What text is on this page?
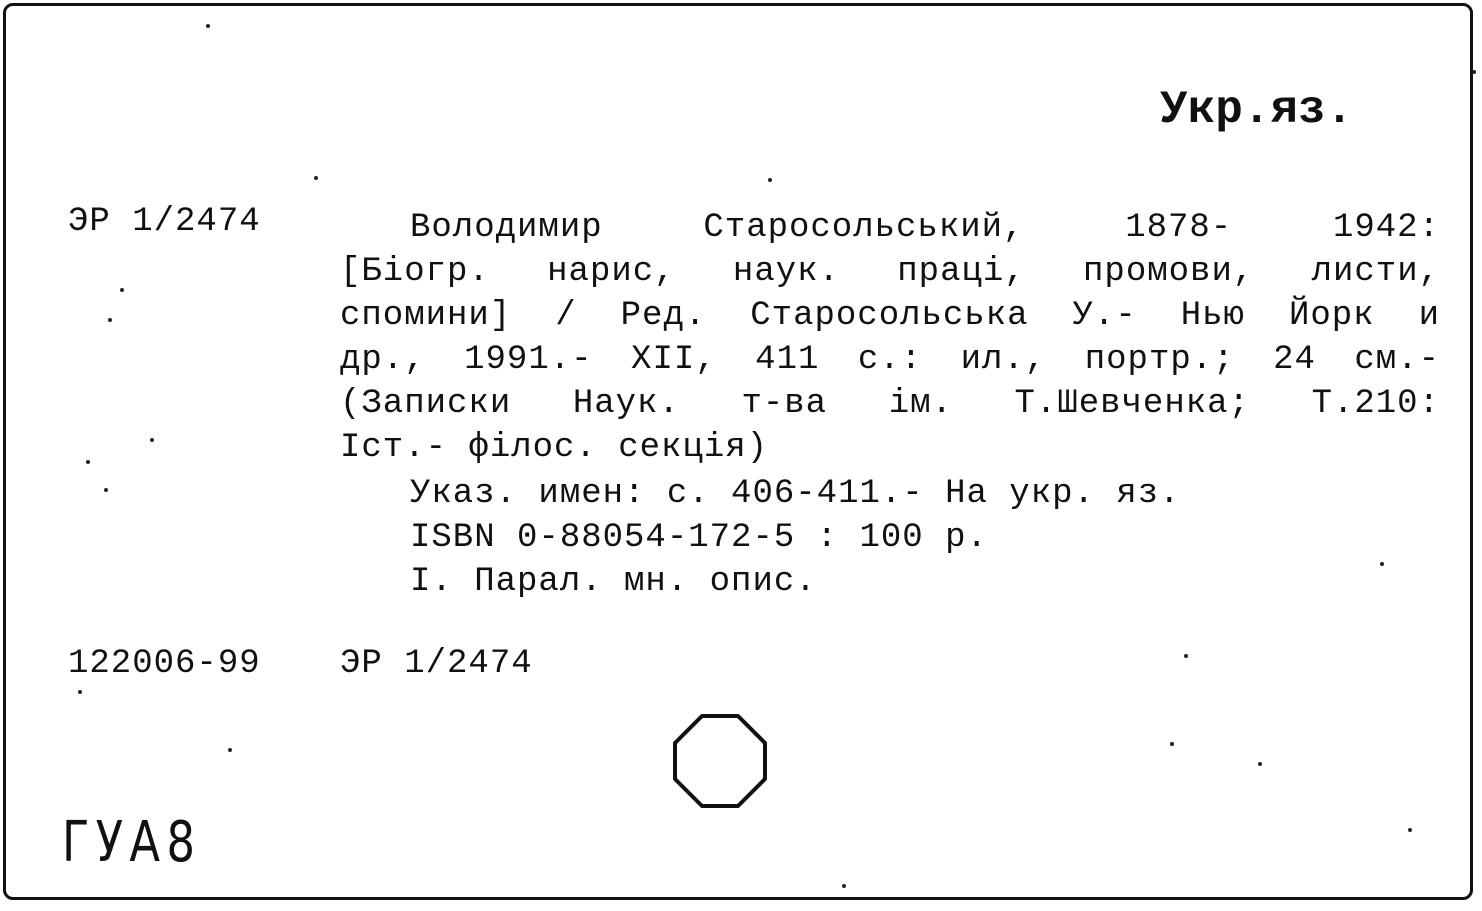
Укр.яз.
ЭР 1/2474	Володимир Старосольський, 1878- 1942:
[Біогр. нарис, наук. праці, промови, листи,
спомини] / Ред. Старосольська У.- Нью Йорк и
др., 1991.- XII, 411 с.: ил., портр.; 24 см.-
(Записки Наук. т-ва ім. Т.Шевченка; Т.210:
Іст.- філос. секція)
Указ. имен: с. 406-411.- На укр. яз.
ISBN 0-88054-172-5 : 100 р.
I. Парал. мн. опис.
122006-99 ЭР 1/2474
ГУА8
